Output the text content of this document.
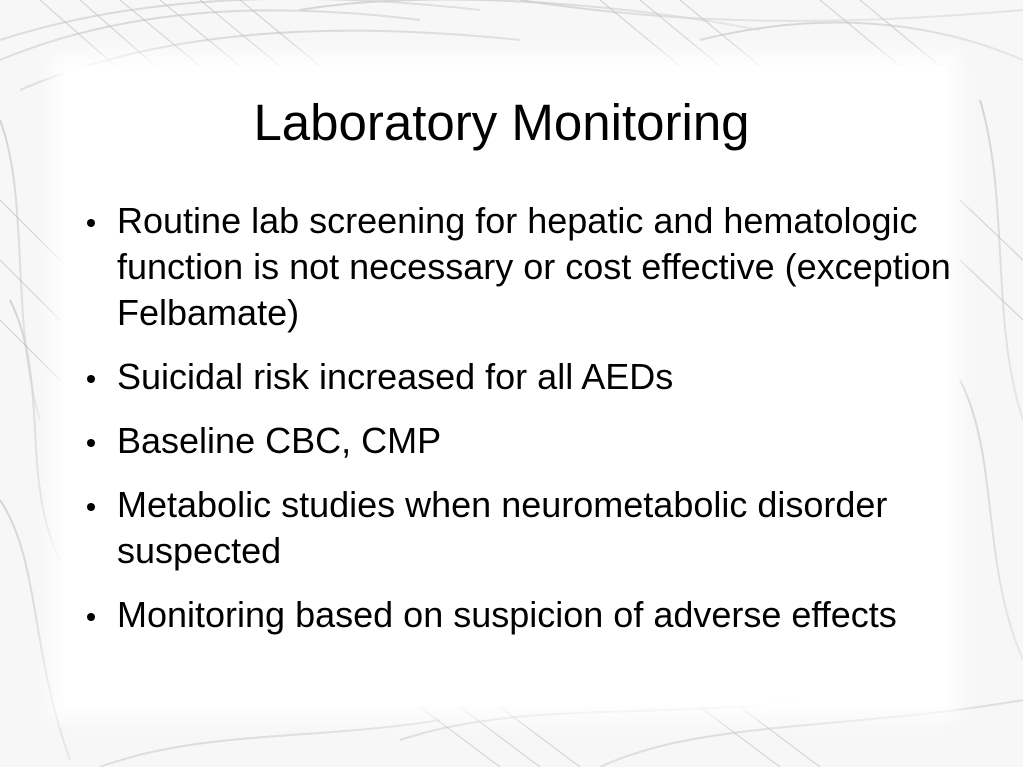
Laboratory Monitoring
Routine lab screening for hepatic and hematologic function is not necessary or cost effective (exception Felbamate)
Suicidal risk increased for all AEDs
Baseline CBC, CMP
Metabolic studies when neurometabolic disorder  suspected
Monitoring based on suspicion of adverse effects
